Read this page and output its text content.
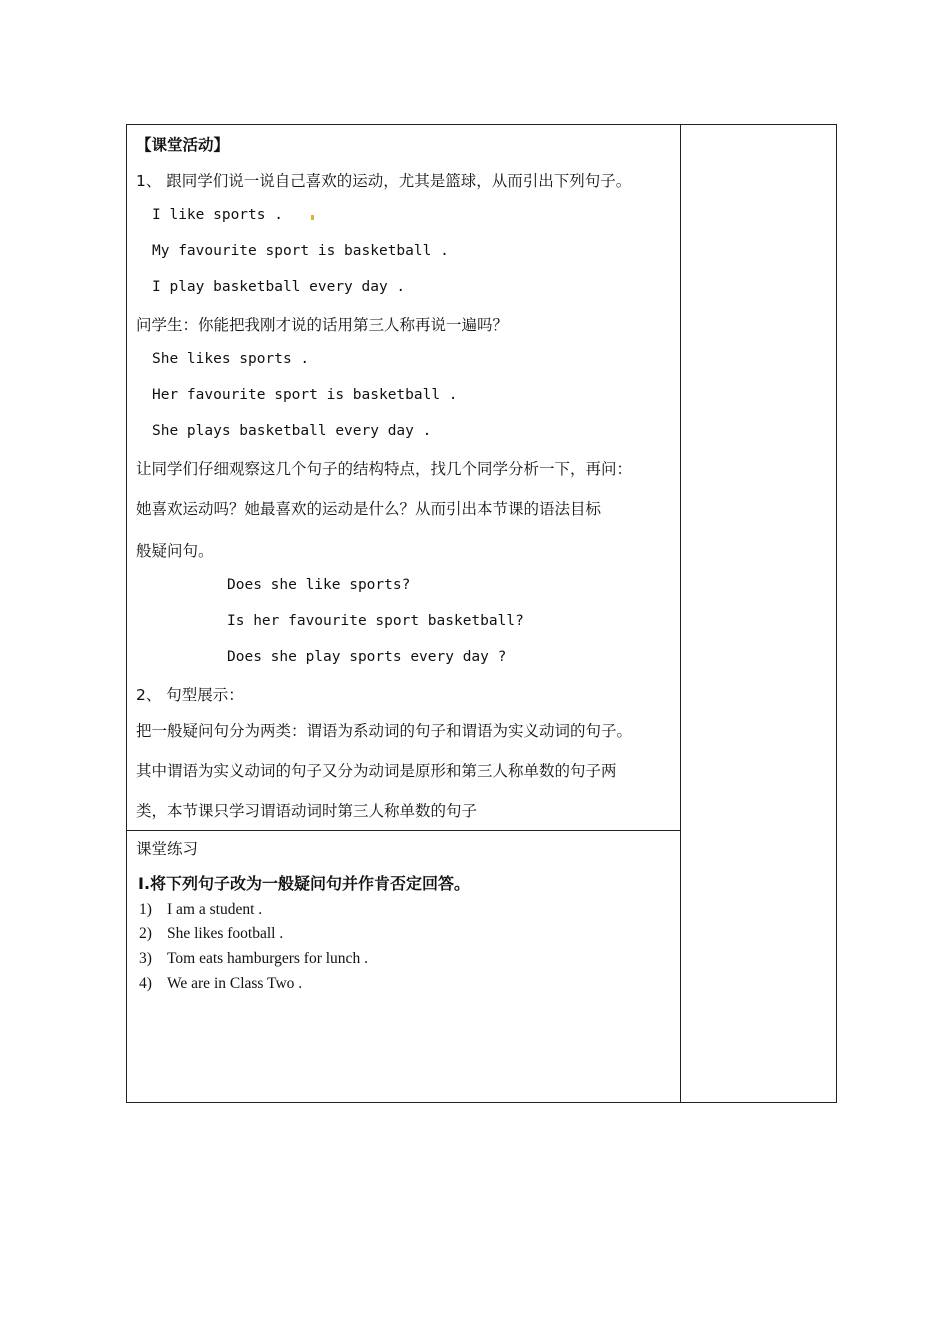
【课堂活动】
1、 跟同学们说一说自己喜欢的运动，尤其是篮球，从而引出下列句子。
I like sports .
My favourite sport is basketball .
I play basketball every day .
问学生：你能把我刚才说的话用第三人称再说一遍吗？
She likes sports .
Her favourite sport is basketball .
She plays basketball every day .
让同学们仔细观察这几个句子的结构特点，找几个同学分析一下，再问：
她喜欢运动吗？她最喜欢的运动是什么？从而引出本节课的语法目标
般疑问句。
Does she like sports?
Is her favourite sport basketball?
Does she play sports every day ?
2、 句型展示：
把一般疑问句分为两类：谓语为系动词的句子和谓语为实义动词的句子。
其中谓语为实义动词的句子又分为动词是原形和第三人称单数的句子两
类，本节课只学习谓语动词时第三人称单数的句子
课堂练习
I.将下列句子改为一般疑问句并作肯否定回答。
1) I am a student .
2) She likes football .
3) Tom eats hamburgers for lunch .
4) We are in Class Two .
